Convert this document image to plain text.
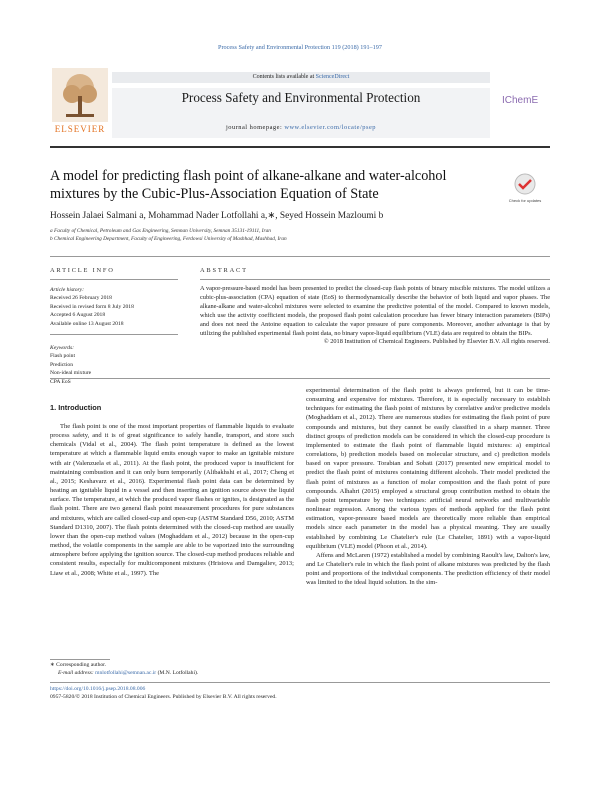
Process Safety and Environmental Protection 119 (2018) 191–197
Contents lists available at ScienceDirect
Process Safety and Environmental Protection
journal homepage: www.elsevier.com/locate/psep
ELSEVIER
IChemE
A model for predicting flash point of alkane-alkane and water-alcohol mixtures by the Cubic-Plus-Association Equation of State	Check for updates
Hossein Jalaei Salmani a, Mohammad Nader Lotfollahi a,∗, Seyed Hossein Mazloumi b
a Faculty of Chemical, Petroleum and Gas Engineering, Semnan University, Semnan 35131-19111, Iran
b Chemical Engineering Department, Faculty of Engineering, Ferdowsi University of Mashhad, Mashhad, Iran
ARTICLE INFO
Article history:
Received 26 February 2018
Received in revised form 8 July 2018
Accepted 6 August 2018
Available online 13 August 2018
Keywords:
Flash point
Prediction
Non-ideal mixture
CPA EoS
ABSTRACT
A vapor-pressure-based model has been presented to predict the closed-cup flash points of binary miscible mixtures. The model utilizes a cubic-plus-association (CPA) equation of state (EoS) to thermodynamically describe the behavior of both liquid and vapor phases. The alkane-alkane and water-alcohol mixtures were selected to examine the predictive potential of the model. Compared to known models, which use the activity coefficient models, the proposed flash point calculation procedure has fewer binary interaction parameters (BIPs) and does not need the Antoine equation to calculate the vapor pressure of pure components. Moreover, another advantage is that by utilizing the published experimental flash point data, no binary vapor-liquid equilibrium (VLE) data are required to obtain the BIPs.
© 2018 Institution of Chemical Engineers. Published by Elsevier B.V. All rights reserved.
1. Introduction

The flash point is one of the most important properties of flammable liquids to evaluate process safety, and it is of great significance to safely handle, transport, and store such chemicals (Vidal et al., 2004). The flash point temperature is defined as the lowest temperature at which a flammable liquid emits enough vapor to make an ignitable mixture with air (Valenzuela et al., 2011). At the flash point, the produced vapor is insufficient for maintaining combustion and it can only burn temporarily (Alibakhshi et al., 2017; Cheng et al., 2015; Keshavarz et al., 2016). Experimental flash point data can be determined by heating an ignitable liquid in a vessel and then inserting an ignition source above the liquid surface. The temperature, at which the produced vapor flashes or ignites, is designated as the flash point. There are two general flash point measurement procedures for pure substances and mixtures, which are called closed-cup and open-cup (ASTM Standard D56, 2010; ASTM Standard D1310, 2007). The flash points determined with the closed-cup method are usually lower than the open-cup method values (Moghaddam et al., 2012) because in the open-cup method, the volatile components in the sample are able to be vaporized into the surrounding atmosphere before applying the ignition source. The closed-cup method produces reliable and consistent results, especially for multicomponent mixtures (Hristova and Damgaliev, 2013; Liaw et al., 2008; White et al., 1997). The

experimental determination of the flash point is always preferred, but it can be time-consuming and expensive for mixtures. Therefore, it is especially necessary to establish techniques for estimating the flash point of mixtures by correlative and/or predictive models (Moghaddam et al., 2012). There are numerous studies for estimating the flash point of pure compounds and mixtures, but they cannot be easily classified in a sharp manner. Three distinct groups of prediction models can be considered in which the closed-cup procedure is implemented to estimate the flash point of flammable liquid mixtures: a) empirical correlations, b) prediction models based on molecular structure, and c) prediction models based on vapor pressure. Torabian and Sobati (2017) presented new empirical model to predict the flash point of mixtures containing different alcohols. Their model predicted the flash point of mixtures as a function of molar composition and the flash point of pure compounds. Alhahri (2015) employed a structural group contribution method to obtain the flash point temperature by two techniques: artificial neural networks and multivariable nonlinear regression. Among the various types of methods applied for the flash point estimation, vapor-pressure based models are theoretically more reliable than empirical models since each parameter in the model has a physical meaning. They are usually established by combining Le Chatelier's rule (Le Chatelier, 1891) with a vapor-liquid equilibrium (VLE) model (Phoon et al., 2014).

Affens and McLaren (1972) established a model by combining Raoult's law, Dalton's law, and Le Chatelier's rule in which the flash point of alkane mixtures was predicted by the flash point and proportions of the individual components. The prediction efficiency of their model was limited to the ideal liquid solution. In the sim-

∗ Corresponding author.
E-mail address: mnlotfollahi@semnan.ac.ir (M.N. Lotfollahi).
https://doi.org/10.1016/j.psep.2018.08.006
0957-5820/© 2018 Institution of Chemical Engineers. Published by Elsevier B.V. All rights reserved.
